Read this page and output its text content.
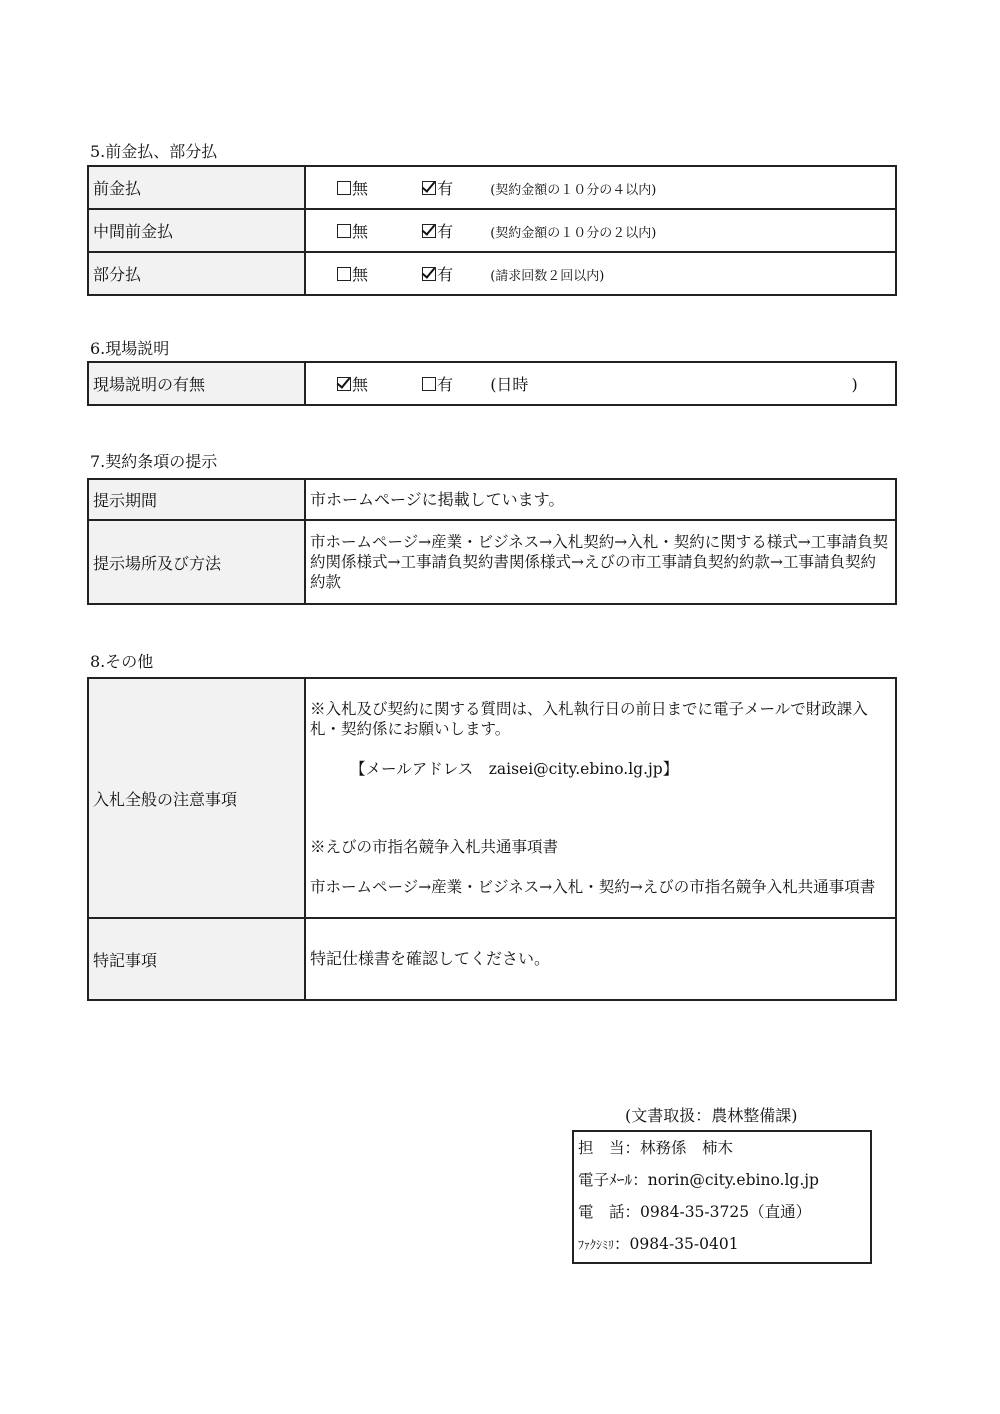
5.前金払、部分払
前金払	無 有 (契約金額の１０分の４以内)
中間前金払	無 有 (契約金額の１０分の２以内)
部分払	無 有 (請求回数２回以内)
6.現場説明
現場説明の有無	無	有 (日時	)
7.契約条項の提示
提示期間	市ホームページに掲載しています。
提示場所及び方法	市ホームページ→産業・ビジネス→入札契約→入札・契約に関する様式→工事請負契約関係様式→工事請負契約書関係様式→えびの市工事請負契約約款→工事請負契約約款
8.その他
入札全般の注意事項	※入札及び契約に関する質問は、入札執行日の前日までに電子メールで財政課入札・契約係にお願いします。

【メールアドレス　zaisei@city.ebino.lg.jp】

※えびの市指名競争入札共通事項書

市ホームページ→産業・ビジネス→入札・契約→えびの市指名競争入札共通事項書

特記事項	特記仕様書を確認してください。
(文書取扱：農林整備課)
担　当：林務係　柿木
電子ﾒｰﾙ：norin@city.ebino.lg.jp
電　話：0984-35-3725（直通）
ﾌｧｸｼﾐﾘ：0984-35-0401
